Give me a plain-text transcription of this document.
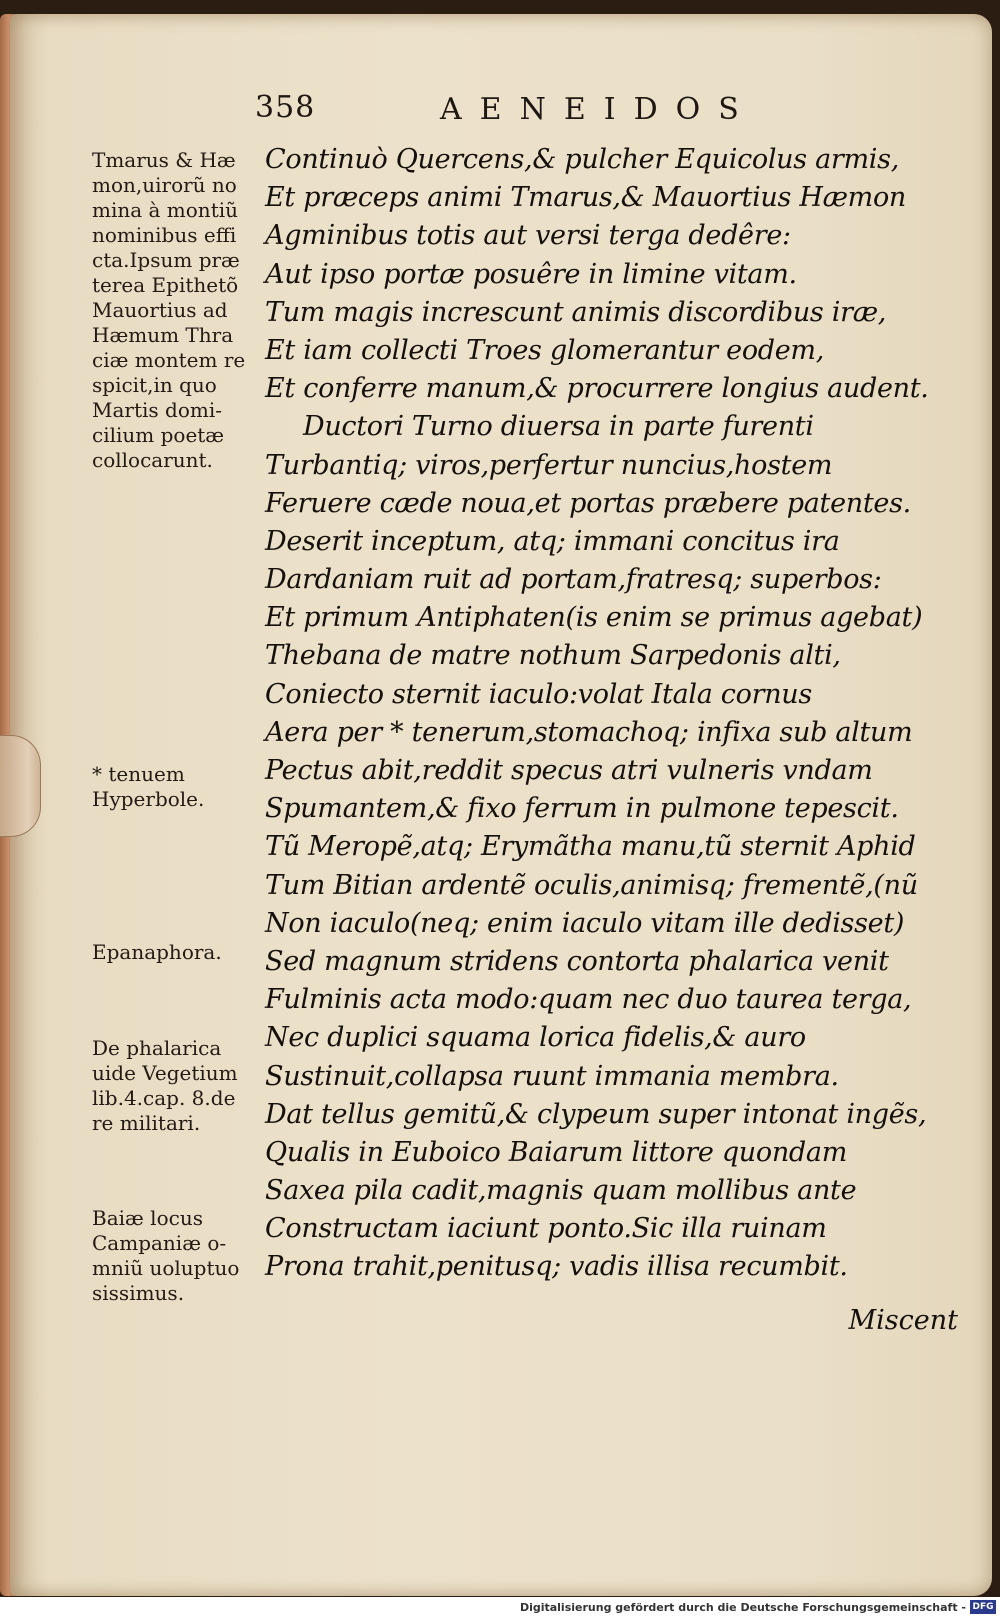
358	AENEIDOS
Tmarus & Hæ
mon,uirorũ no
mina à montiũ
nominibus effi
cta.Ipsum præ
terea Epithetõ
Mauortius ad
Hæmum Thra
ciæ montem re
spicit,in quo
Martis domi-
cilium poetæ
collocarunt.
* tenuem
Hyperbole.
Epanaphora.
De phalarica
uide Vegetium
lib.4.cap. 8.de
re militari.
Baiæ locus
Campaniæ o-
mniũ uoluptuo
sissimus.
Continuò Quercens,& pulcher Equicolus armis,
Et præceps animi Tmarus,& Mauortius Hæmon
Agminibus totis aut versi terga dedêre:
Aut ipso portæ posuêre in limine vitam.
Tum magis increscunt animis discordibus iræ,
Et iam collecti Troes glomerantur eodem,
Et conferre manum,& procurrere longius audent.
Ductori Turno diuersa in parte furenti
Turbantiq; viros,perfertur nuncius,hostem
Feruere cæde noua,et portas præbere patentes.
Deserit inceptum, atq; immani concitus ira
Dardaniam ruit ad portam,fratresq; superbos:
Et primum Antiphaten(is enim se primus agebat)
Thebana de matre nothum Sarpedonis alti,
Coniecto sternit iaculo:volat Itala cornus
Aera per * tenerum,stomachoq; infixa sub altum
Pectus abit,reddit specus atri vulneris vndam
Spumantem,& fixo ferrum in pulmone tepescit.
Tũ Meropẽ,atq; Erymãtha manu,tũ sternit Aphid
Tum Bitian ardentẽ oculis,animisq; frementẽ,(nũ
Non iaculo(neq; enim iaculo vitam ille dedisset)
Sed magnum stridens contorta phalarica venit
Fulminis acta modo:quam nec duo taurea terga,
Nec duplici squama lorica fidelis,& auro
Sustinuit,collapsa ruunt immania membra.
Dat tellus gemitũ,& clypeum super intonat ingẽs,
Qualis in Euboico Baiarum littore quondam
Saxea pila cadit,magnis quam mollibus ante
Constructam iaciunt ponto.Sic illa ruinam
Prona trahit,penitusq; vadis illisa recumbit.
Miscent
Digitalisierung gefördert durch die Deutsche Forschungsgemeinschaft - DFG
